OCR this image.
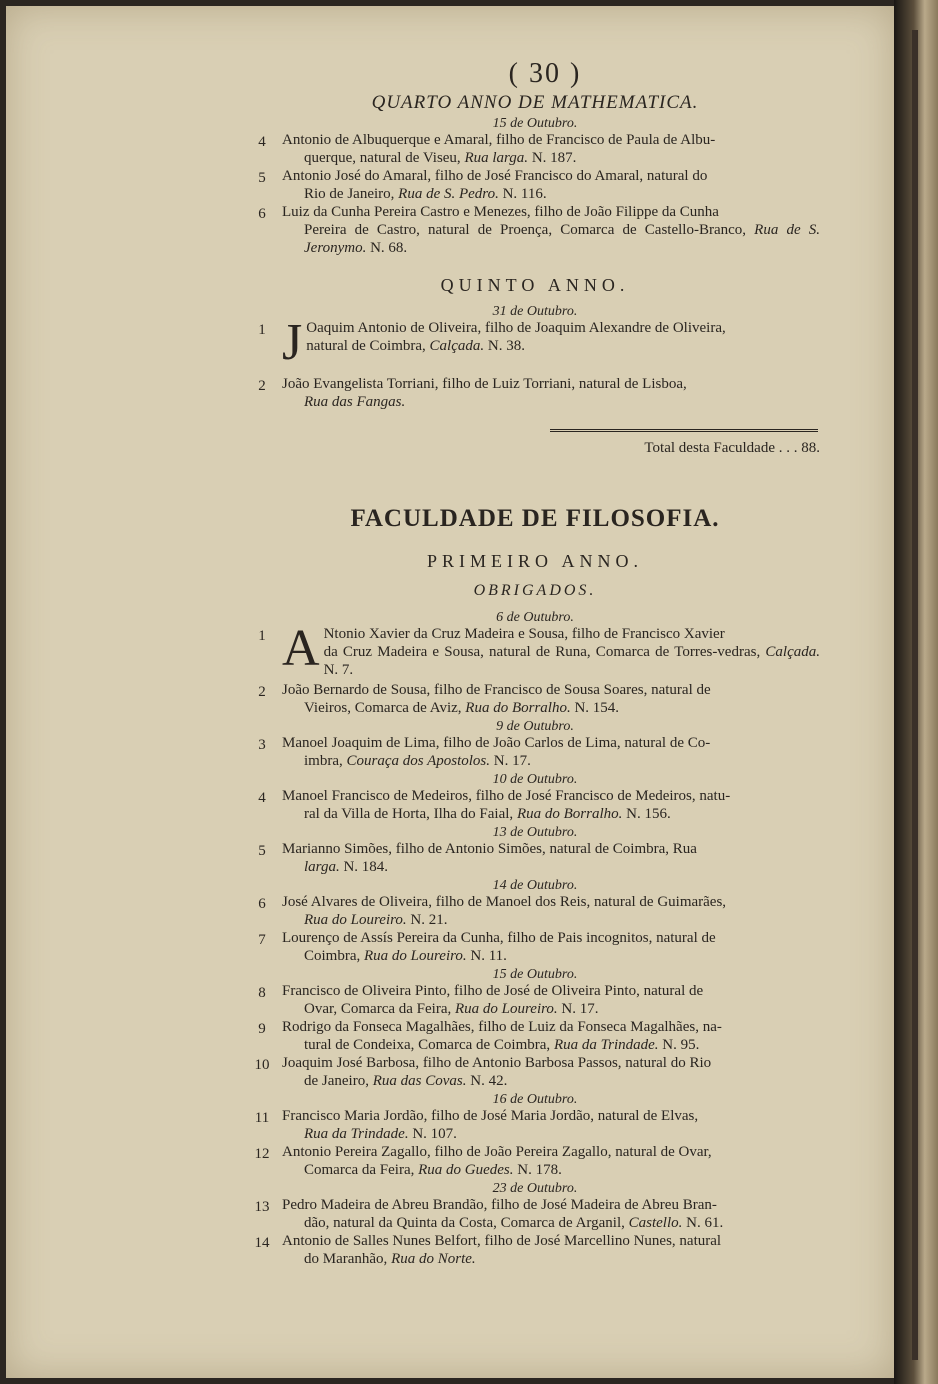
( 30 )
QUARTO ANNO DE MATHEMATICA.
15 de Outubro.
4	Antonio de Albuquerque e Amaral, filho de Francisco de Paula de Albu-
querque, natural de Viseu, Rua larga. N. 187.
5	Antonio José do Amaral, filho de José Francisco do Amaral, natural do
Rio de Janeiro, Rua de S. Pedro. N. 116.
6	Luiz da Cunha Pereira Castro e Menezes, filho de João Filippe da Cunha
Pereira de Castro, natural de Proença, Comarca de Castello-Branco, Rua de S. Jeronymo. N. 68.
QUINTO ANNO.
31 de Outubro.
1 J Oaquim Antonio de Oliveira, filho de Joaquim Alexandre de Oliveira,
natural de Coimbra, Calçada. N. 38.
2	João Evangelista Torriani, filho de Luiz Torriani, natural de Lisboa,
Rua das Fangas.
Total desta Faculdade . . . 88.
FACULDADE DE FILOSOFIA.
PRIMEIRO ANNO.
OBRIGADOS.
6 de Outubro.
1 A Ntonio Xavier da Cruz Madeira e Sousa, filho de Francisco Xavier
da Cruz Madeira e Sousa, natural de Runa, Comarca de Torres-vedras, Calçada. N. 7.
2	João Bernardo de Sousa, filho de Francisco de Sousa Soares, natural de
Vieiros, Comarca de Aviz, Rua do Borralho. N. 154.
9 de Outubro.
3	Manoel Joaquim de Lima, filho de João Carlos de Lima, natural de Co-
imbra, Couraça dos Apostolos. N. 17.
10 de Outubro.
4	Manoel Francisco de Medeiros, filho de José Francisco de Medeiros, natu-
ral da Villa de Horta, Ilha do Faial, Rua do Borralho. N. 156.
13 de Outubro.
5	Marianno Simões, filho de Antonio Simões, natural de Coimbra, Rua
larga. N. 184.
14 de Outubro.
6	José Alvares de Oliveira, filho de Manoel dos Reis, natural de Guimarães,
Rua do Loureiro. N. 21.
7	Lourenço de Assís Pereira da Cunha, filho de Pais incognitos, natural de
Coimbra, Rua do Loureiro. N. 11.
15 de Outubro.
8	Francisco de Oliveira Pinto, filho de José de Oliveira Pinto, natural de
Ovar, Comarca da Feira, Rua do Loureiro. N. 17.
9	Rodrigo da Fonseca Magalhães, filho de Luiz da Fonseca Magalhães, na-
tural de Condeixa, Comarca de Coimbra, Rua da Trindade. N. 95.
10 Joaquim José Barbosa, filho de Antonio Barbosa Passos, natural do Rio
de Janeiro, Rua das Covas. N. 42.
16 de Outubro.
11 Francisco Maria Jordão, filho de José Maria Jordão, natural de Elvas,
Rua da Trindade. N. 107.
12 Antonio Pereira Zagallo, filho de João Pereira Zagallo, natural de Ovar,
Comarca da Feira, Rua do Guedes. N. 178.
23 de Outubro.
13 Pedro Madeira de Abreu Brandão, filho de José Madeira de Abreu Bran-
dão, natural da Quinta da Costa, Comarca de Arganil, Castello. N. 61.
14 Antonio de Salles Nunes Belfort, filho de José Marcellino Nunes, natural
do Maranhão, Rua do Norte.
